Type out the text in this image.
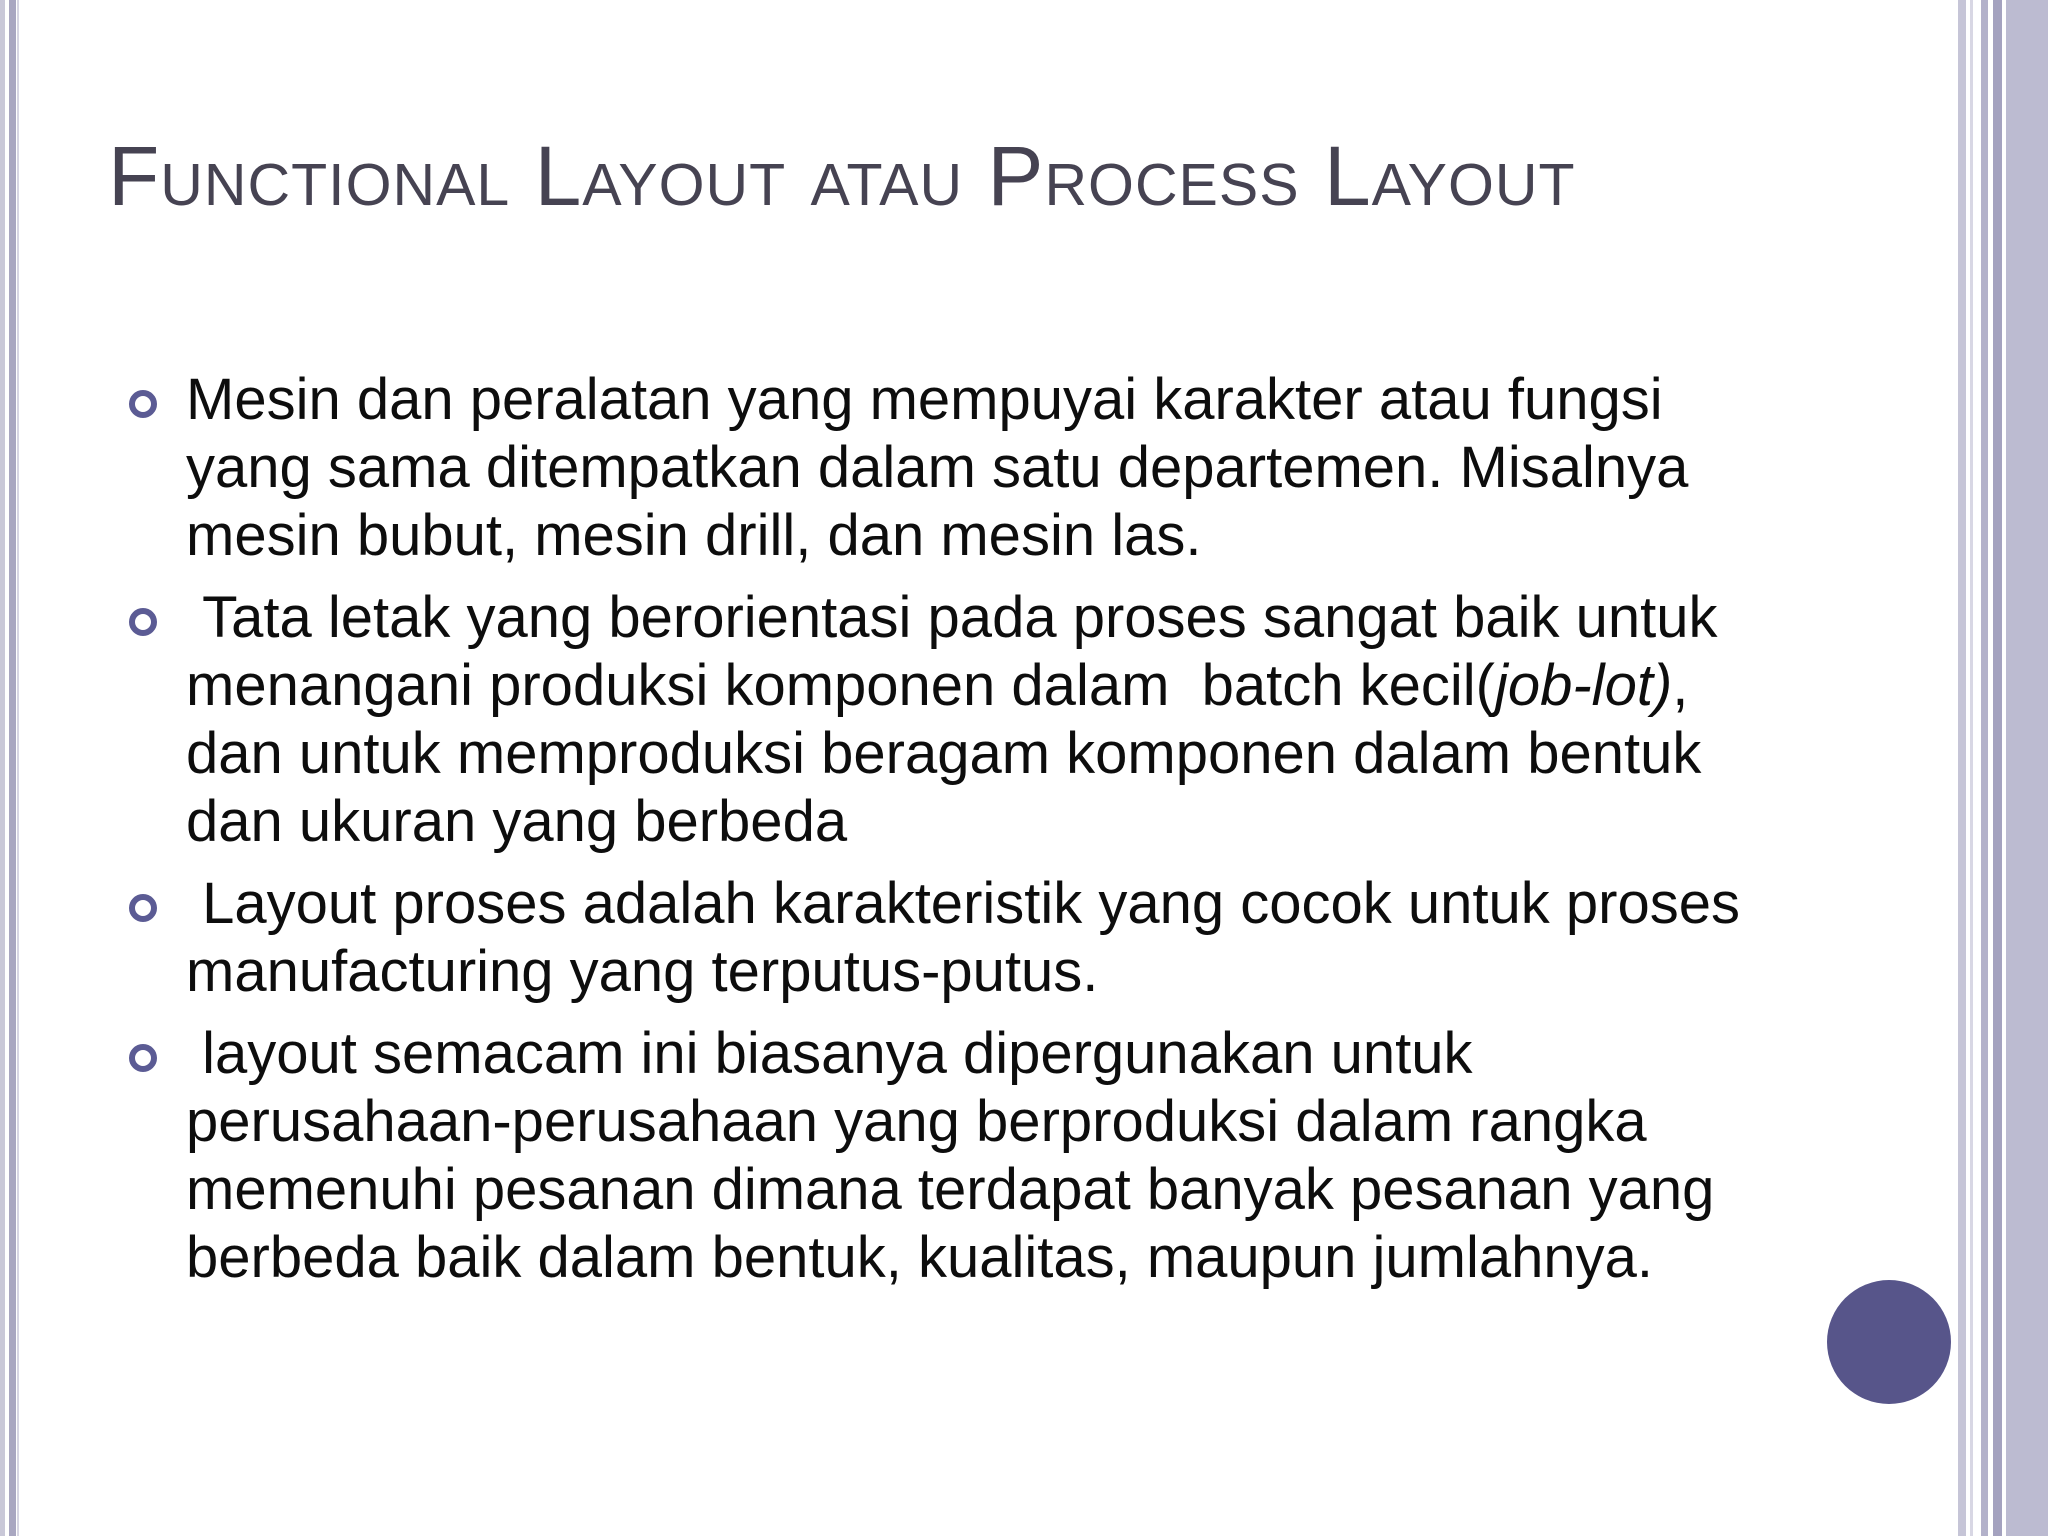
Functional Layout atau Process Layout
Mesin dan peralatan yang mempuyai karakter atau fungsi yang sama ditempatkan dalam satu departemen. Misalnya mesin bubut, mesin drill, dan mesin las.
Tata letak yang berorientasi pada proses sangat baik untuk menangani produksi komponen dalam  batch kecil(job-lot), dan untuk memproduksi beragam komponen dalam bentuk dan ukuran yang berbeda
Layout proses adalah karakteristik yang cocok untuk proses manufacturing yang terputus-putus.
layout semacam ini biasanya dipergunakan untuk perusahaan-perusahaan yang berproduksi dalam rangka memenuhi pesanan dimana terdapat banyak pesanan yang berbeda baik dalam bentuk, kualitas, maupun jumlahnya.
